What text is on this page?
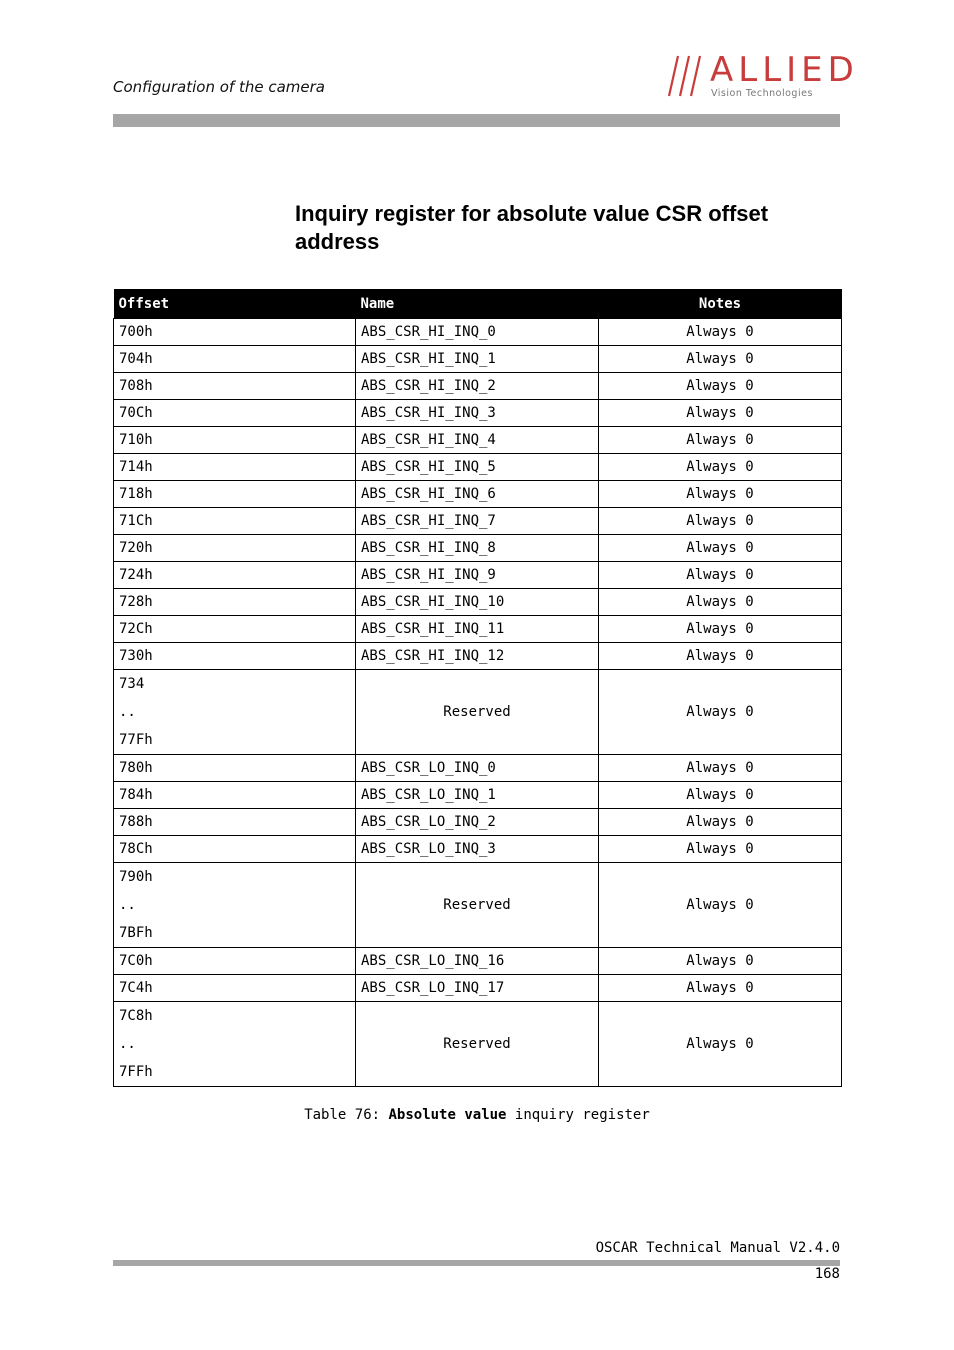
Configuration of the camera	ALLIED
Vision Technologies
Inquiry register for absolute value CSR offset address
Offset	Name	Notes
700h	ABS_CSR_HI_INQ_0	Always 0
704h	ABS_CSR_HI_INQ_1	Always 0
708h	ABS_CSR_HI_INQ_2	Always 0
70Ch	ABS_CSR_HI_INQ_3	Always 0
710h	ABS_CSR_HI_INQ_4	Always 0
714h	ABS_CSR_HI_INQ_5	Always 0
718h	ABS_CSR_HI_INQ_6	Always 0
71Ch	ABS_CSR_HI_INQ_7	Always 0
720h	ABS_CSR_HI_INQ_8	Always 0
724h	ABS_CSR_HI_INQ_9	Always 0
728h	ABS_CSR_HI_INQ_10	Always 0
72Ch	ABS_CSR_HI_INQ_11	Always 0
730h	ABS_CSR_HI_INQ_12	Always 0

734
..
77Fh	Reserved	Always 0
780h	ABS_CSR_LO_INQ_0	Always 0
784h	ABS_CSR_LO_INQ_1	Always 0
788h	ABS_CSR_LO_INQ_2	Always 0
78Ch	ABS_CSR_LO_INQ_3	Always 0

790h
..
7BFh	Reserved	Always 0
7C0h	ABS_CSR_LO_INQ_16	Always 0
7C4h	ABS_CSR_LO_INQ_17	Always 0

7C8h
..
7FFh	Reserved	Always 0
Table 76: Absolute value inquiry register
OSCAR Technical Manual V2.4.0
168
